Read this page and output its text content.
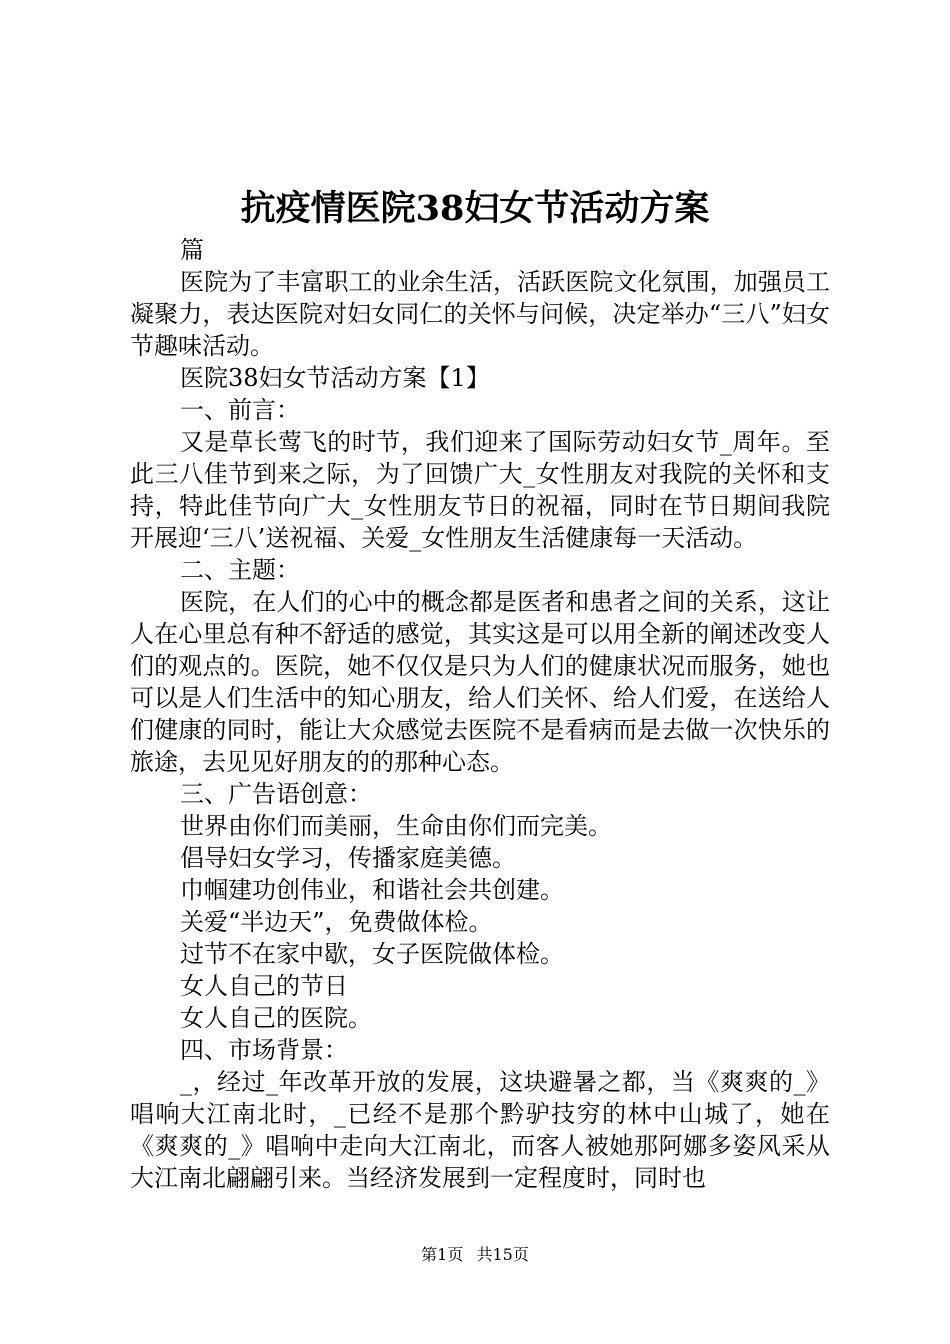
抗疫情医院38妇女节活动方案

篇

医院为了丰富职工的业余生活，活跃医院文化氛围，加强员工凝聚力，表达医院对妇女同仁的关怀与问候，决定举办“三八”妇女节趣味活动。

医院38妇女节活动方案【1】

一、前言：

又是草长莺飞的时节，我们迎来了国际劳动妇女节_周年。至此三八佳节到来之际，为了回馈广大_女性朋友对我院的关怀和支持，特此佳节向广大_女性朋友节日的祝福，同时在节日期间我院开展迎‘三八’送祝福、关爱_女性朋友生活健康每一天活动。

二、主题：

医院，在人们的心中的概念都是医者和患者之间的关系，这让人在心里总有种不舒适的感觉，其实这是可以用全新的阐述改变人们的观点的。医院，她不仅仅是只为人们的健康状况而服务，她也可以是人们生活中的知心朋友，给人们关怀、给人们爱，在送给人们健康的同时，能让大众感觉去医院不是看病而是去做一次快乐的旅途，去见见好朋友的的那种心态。

三、广告语创意：

世界由你们而美丽，生命由你们而完美。

倡导妇女学习，传播家庭美德。

巾帼建功创伟业，和谐社会共创建。

关爱“半边天”，免费做体检。

过节不在家中歇，女子医院做体检。

女人自己的节日

女人自己的医院。

四、市场背景：

_，经过_年改革开放的发展，这块避暑之都，当《爽爽的_》唱响大江南北时，_已经不是那个黔驴技穷的林中山城了，她在《爽爽的_》唱响中走向大江南北，而客人被她那阿娜多姿风采从大江南北翩翩引来。当经济发展到一定程度时，同时也

第1页 共15页
